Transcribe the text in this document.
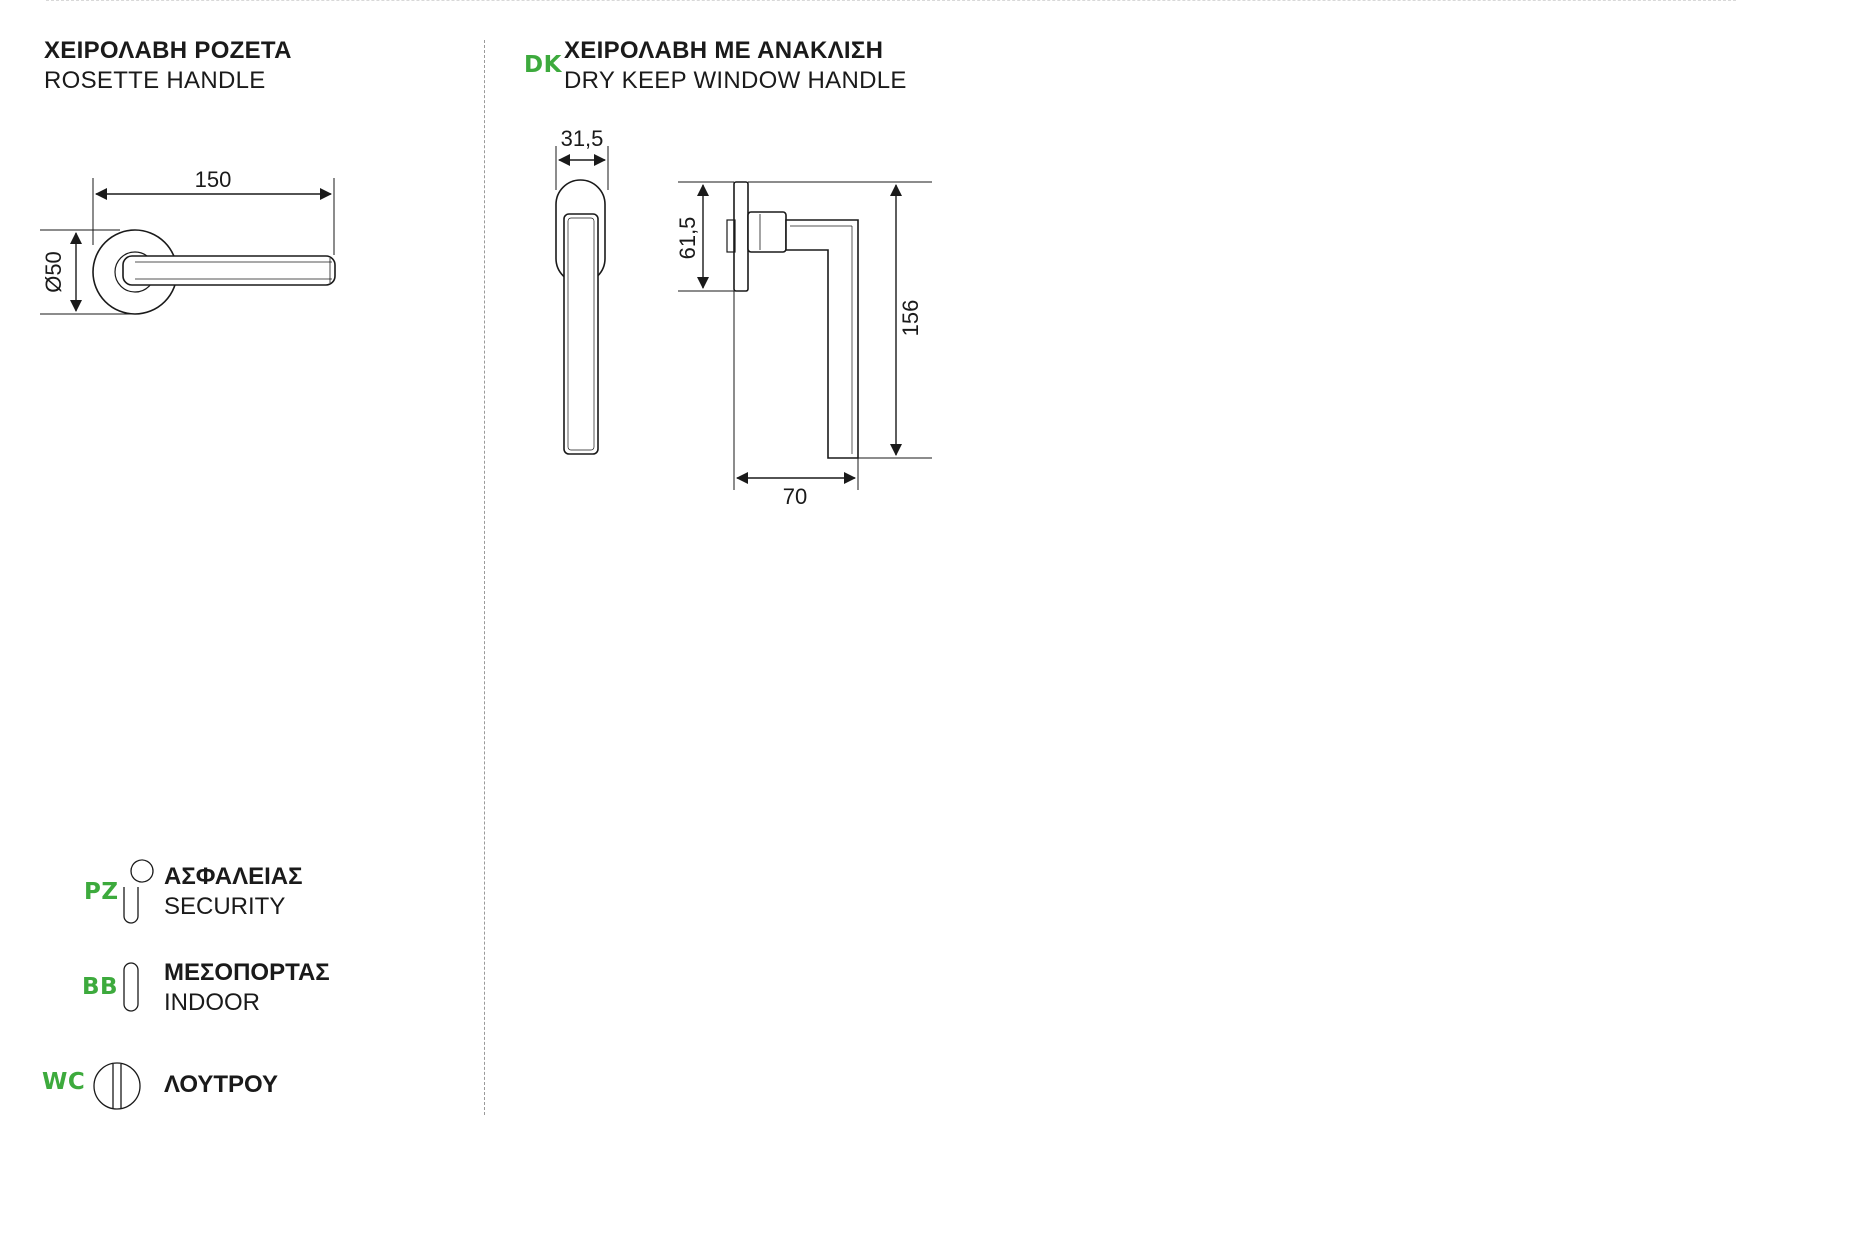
ΧΕΙΡΟΛΑΒΗ ΡΟΖΕΤΑ
ROSETTE HANDLE
DK
ΧΕΙΡΟΛΑΒΗ ΜΕ ΑΝΑΚΛΙΣΗ
DRY KEEP WINDOW HANDLE
150
Ø50
31,5
61,5
156
70
PZ
ΑΣΦΑΛΕΙΑΣ
SECURITY
BB
ΜΕΣΟΠΟΡΤΑΣ
INDOOR
WC	ΛΟΥΤΡΟΥ
